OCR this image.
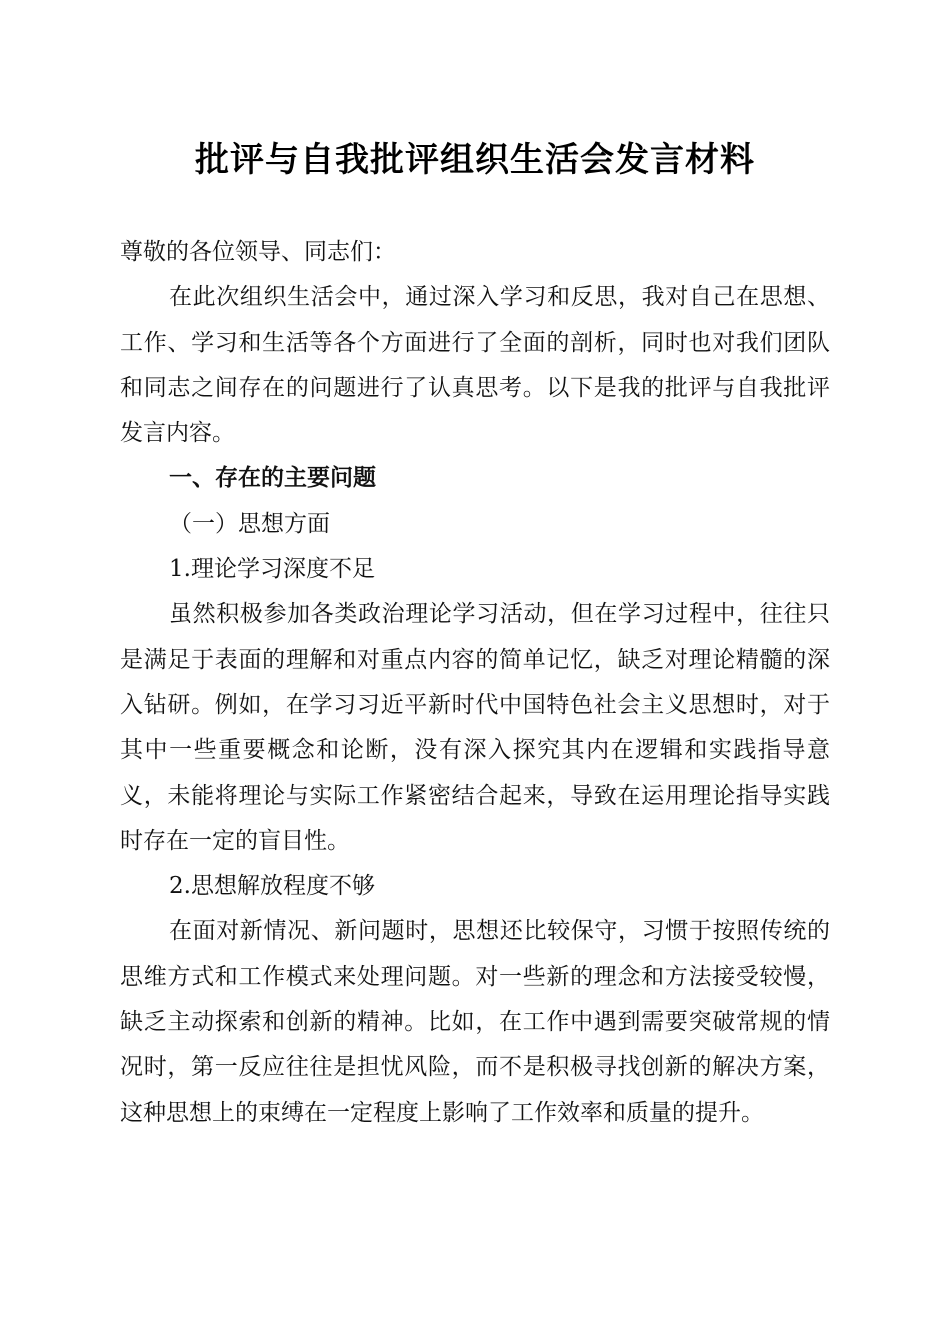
批评与自我批评组织生活会发言材料

尊敬的各位领导、同志们：

在此次组织生活会中，通过深入学习和反思，我对自己在思想、工作、学习和生活等各个方面进行了全面的剖析，同时也对我们团队和同志之间存在的问题进行了认真思考。以下是我的批评与自我批评发言内容。

一、存在的主要问题

（一）思想方面

1.理论学习深度不足

虽然积极参加各类政治理论学习活动，但在学习过程中，往往只是满足于表面的理解和对重点内容的简单记忆，缺乏对理论精髓的深入钻研。例如，在学习习近平新时代中国特色社会主义思想时，对于其中一些重要概念和论断，没有深入探究其内在逻辑和实践指导意义，未能将理论与实际工作紧密结合起来，导致在运用理论指导实践时存在一定的盲目性。

2.思想解放程度不够

在面对新情况、新问题时，思想还比较保守，习惯于按照传统的思维方式和工作模式来处理问题。对一些新的理念和方法接受较慢，缺乏主动探索和创新的精神。比如，在工作中遇到需要突破常规的情况时，第一反应往往是担忧风险，而不是积极寻找创新的解决方案，这种思想上的束缚在一定程度上影响了工作效率和质量的提升。
